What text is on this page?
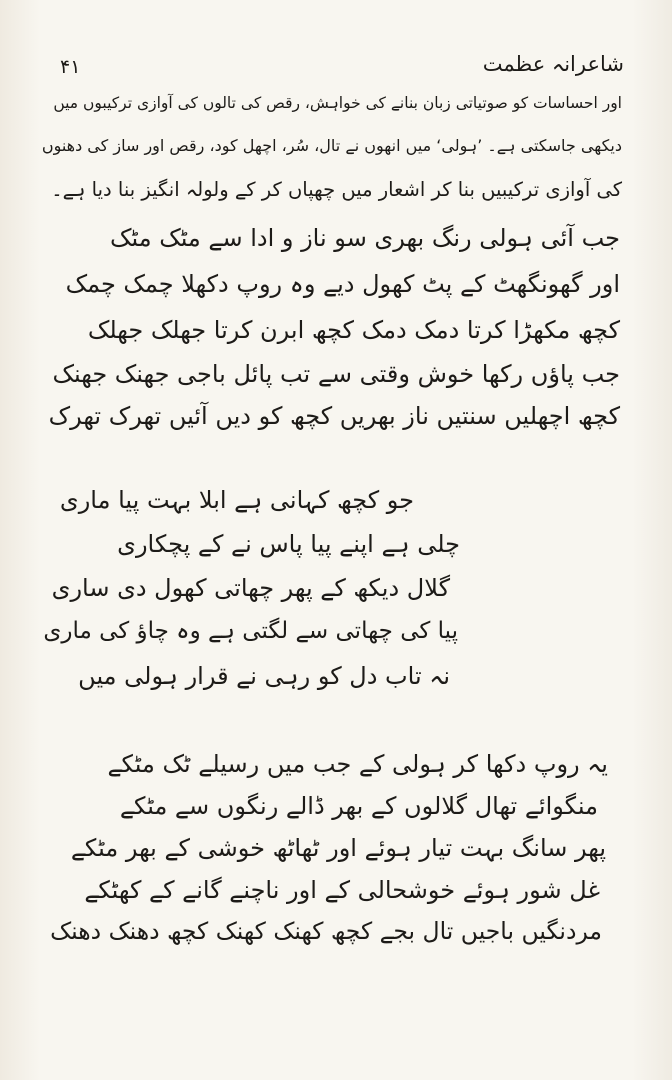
۴۱	شاعرانہ عظمت
اور احساسات کو صوتیاتی زبان بنانے کی خواہش، رقص کی تالوں کی آوازی ترکیبوں میں
دیکھی جاسکتی ہے۔ ’ہولی‘ میں انھوں نے تال، سُر، اچھل کود، رقص اور ساز کی دھنوں
کی آوازی ترکیبیں بنا کر اشعار میں چھپاں کر کے ولولہ انگیز بنا دیا ہے۔
جب آئی ہولی رنگ بھری سو ناز و ادا سے مٹک مٹک
اور گھونگھٹ کے پٹ کھول دیے وہ روپ دکھلا چمک چمک
کچھ مکھڑا کرتا دمک دمک کچھ ابرن کرتا جھلک جھلک
جب پاؤں رکھا خوش وقتی سے تب پائل باجی جھنک جھنک
کچھ اچھلیں سنتیں ناز بھریں کچھ کو دیں آئیں تھرک تھرک
جو کچھ کہانی ہے ابلا بہت پیا ماری
چلی ہے اپنے پیا پاس نے کے پچکاری
گلال دیکھ کے پھر چھاتی کھول دی ساری
پیا کی چھاتی سے لگتی ہے وہ چاؤ کی ماری
نہ تاب دل کو رہی نے قرار ہولی میں
یہ روپ دکھا کر ہولی کے جب میں رسیلے ٹک مٹکے
منگوائے تھال گلالوں کے بھر ڈالے رنگوں سے مٹکے
پھر سانگ بہت تیار ہوئے اور ٹھاٹھ خوشی کے بھر مٹکے
غل شور ہوئے خوشحالی کے اور ناچنے گانے کے کھٹکے
مردنگیں باجیں تال بجے کچھ کھنک کھنک کچھ دھنک دھنک
